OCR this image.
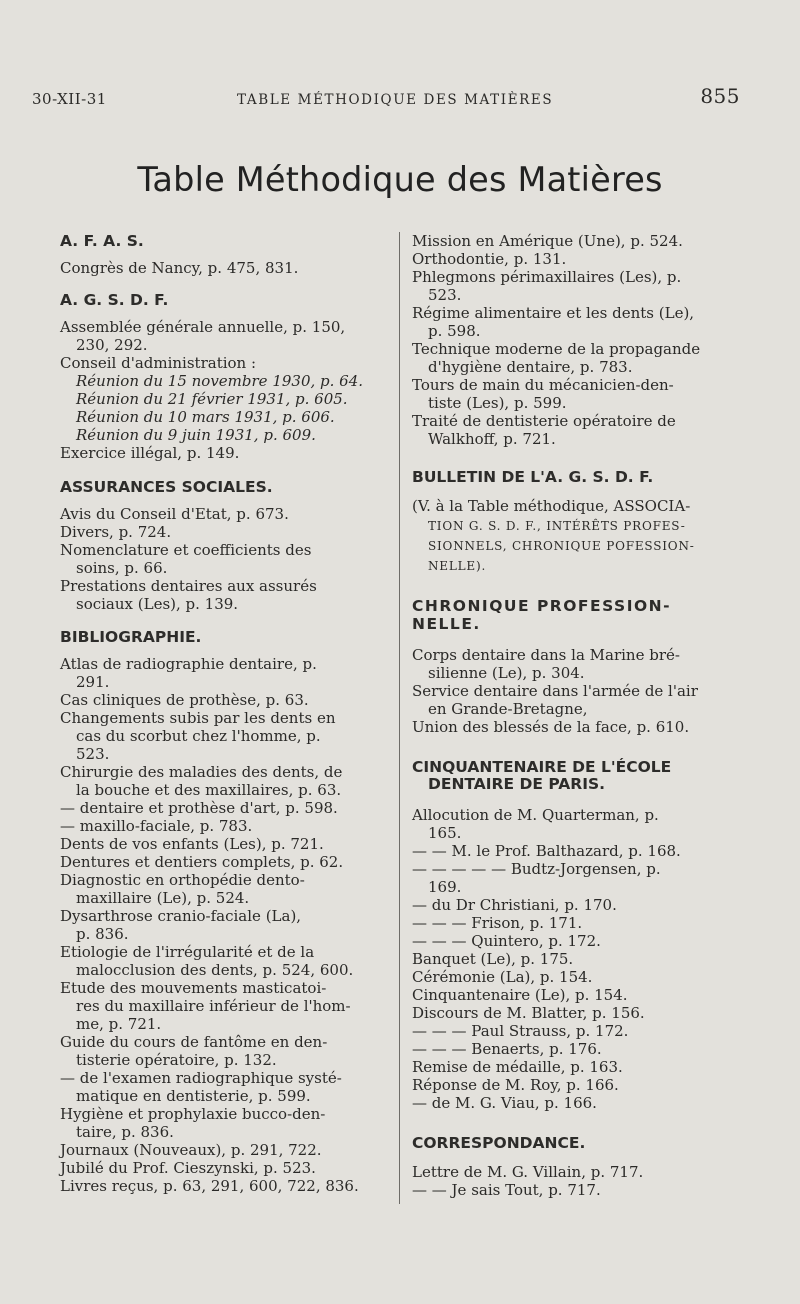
30-XII-31	TABLE MÉTHODIQUE DES MATIÈRES	855
Table Méthodique des Matières
A. F. A. S.
Congrès de Nancy, p. 475, 831.
A. G. S. D. F.
Assemblée générale annuelle, p. 150,
230, 292.
Conseil d'administration :
Réunion du 15 novembre 1930, p. 64.
Réunion du 21 février 1931, p. 605.
Réunion du 10 mars 1931, p. 606.
Réunion du 9 juin 1931, p. 609.
Exercice illégal, p. 149.
ASSURANCES SOCIALES.
Avis du Conseil d'Etat, p. 673.
Divers, p. 724.
Nomenclature et coefficients des
soins, p. 66.
Prestations dentaires aux assurés
sociaux (Les), p. 139.
BIBLIOGRAPHIE.
Atlas de radiographie dentaire, p.
291.
Cas cliniques de prothèse, p. 63.
Changements subis par les dents en
cas du scorbut chez l'homme, p.
523.
Chirurgie des maladies des dents, de
la bouche et des maxillaires, p. 63.
— dentaire et prothèse d'art, p. 598.
— maxillo-faciale, p. 783.
Dents de vos enfants (Les), p. 721.
Dentures et dentiers complets, p. 62.
Diagnostic en orthopédie dento-
maxillaire (Le), p. 524.
Dysarthrose cranio-faciale (La),
p. 836.
Etiologie de l'irrégularité et de la
malocclusion des dents, p. 524, 600.
Etude des mouvements masticatoi-
res du maxillaire inférieur de l'hom-
me, p. 721.
Guide du cours de fantôme en den-
tisterie opératoire, p. 132.
— de l'examen radiographique systé-
matique en dentisterie, p. 599.
Hygiène et prophylaxie bucco-den-
taire, p. 836.
Journaux (Nouveaux), p. 291, 722.
Jubilé du Prof. Cieszynski, p. 523.
Livres reçus, p. 63, 291, 600, 722, 836.
Mission en Amérique (Une), p. 524.
Orthodontie, p. 131.
Phlegmons périmaxillaires (Les), p.
523.
Régime alimentaire et les dents (Le),
p. 598.
Technique moderne de la propagande
d'hygiène dentaire, p. 783.
Tours de main du mécanicien-den-
tiste (Les), p. 599.
Traité de dentisterie opératoire de
Walkhoff, p. 721.
BULLETIN DE L'A. G. S. D. F.
(V. à la Table méthodique, ASSOCIA-
TION G. S. D. F., INTÉRÊTS PROFES-
SIONNELS, CHRONIQUE POFESSION-
NELLE).
CHRONIQUE PROFESSION-
NELLE.
Corps dentaire dans la Marine bré-
silienne (Le), p. 304.
Service dentaire dans l'armée de l'air
en Grande-Bretagne,
Union des blessés de la face, p. 610.
CINQUANTENAIRE DE L'ÉCOLE
DENTAIRE DE PARIS.
Allocution de M. Quarterman, p.
165.
— — M. le Prof. Balthazard, p. 168.
— — — — — Budtz-Jorgensen, p.
169.
— du Dr Christiani, p. 170.
— — — Frison, p. 171.
— — — Quintero, p. 172.
Banquet (Le), p. 175.
Cérémonie (La), p. 154.
Cinquantenaire (Le), p. 154.
Discours de M. Blatter, p. 156.
— — — Paul Strauss, p. 172.
— — — Benaerts, p. 176.
Remise de médaille, p. 163.
Réponse de M. Roy, p. 166.
— de M. G. Viau, p. 166.
CORRESPONDANCE.
Lettre de M. G. Villain, p. 717.
— — Je sais Tout, p. 717.
